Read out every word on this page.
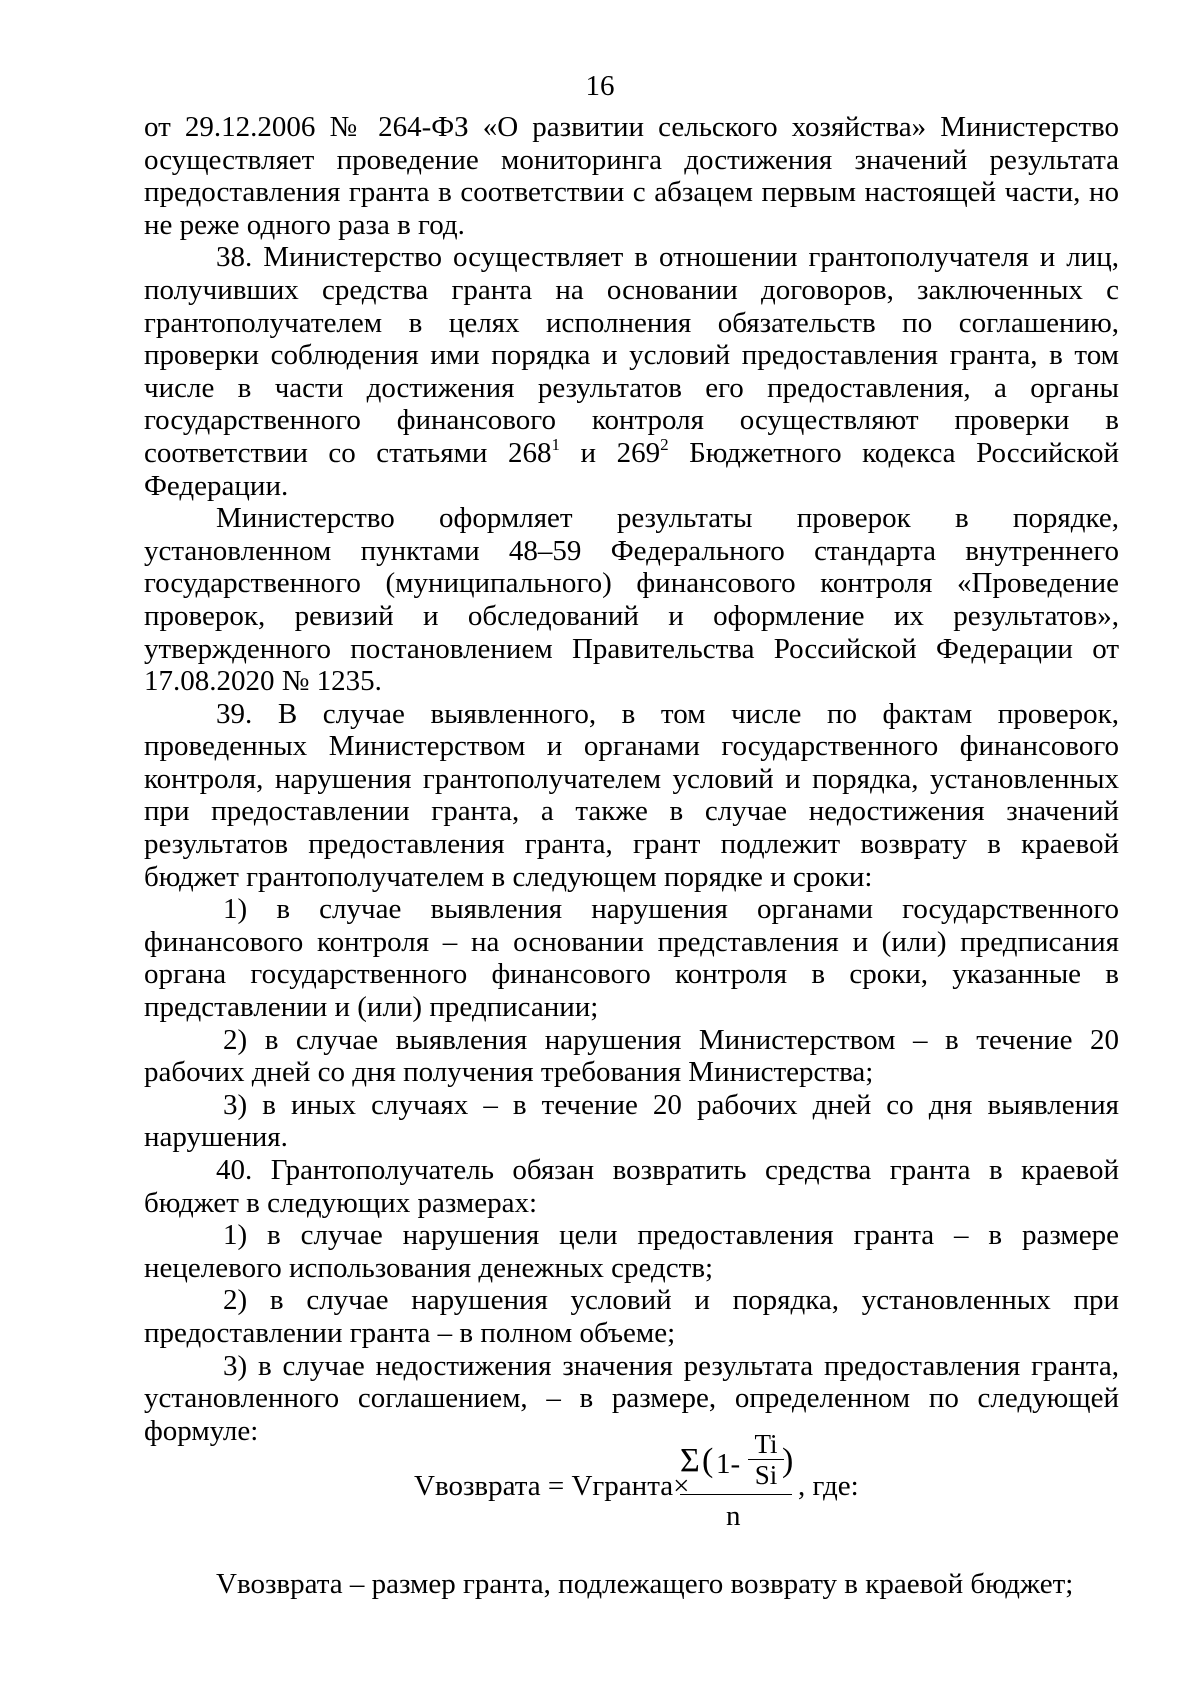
16

от 29.12.2006 № 264-ФЗ «О развитии сельского хозяйства» Министерство осуществляет проведение мониторинга достижения значений результата предоставления гранта в соответствии с абзацем первым настоящей части, но не реже одного раза в год.

38. Министерство осуществляет в отношении грантополучателя и лиц, получивших средства гранта на основании договоров, заключенных с грантополучателем в целях исполнения обязательств по соглашению, проверки соблюдения ими порядка и условий предоставления гранта, в том числе в части достижения результатов его предоставления, а органы государственного финансового контроля осуществляют проверки в соответствии со статьями $268^1$ и $269^2$ Бюджетного кодекса Российской Федерации.

Министерство оформляет результаты проверок в порядке, установленном пунктами 48–59 Федерального стандарта внутреннего государственного (муниципального) финансового контроля «Проведение проверок, ревизий и обследований и оформление их результатов», утвержденного постановлением Правительства Российской Федерации от 17.08.2020 № 1235.

39. В случае выявленного, в том числе по фактам проверок, проведенных Министерством и органами государственного финансового контроля, нарушения грантополучателем условий и порядка, установленных при предоставлении гранта, а также в случае недостижения значений результатов предоставления гранта, грант подлежит возврату в краевой бюджет грантополучателем в следующем порядке и сроки:

1) в случае выявления нарушения органами государственного финансового контроля – на основании представления и (или) предписания органа государственного финансового контроля в сроки, указанные в представлении и (или) предписании;

2) в случае выявления нарушения Министерством – в течение 20 рабочих дней со дня получения требования Министерства;

3) в иных случаях – в течение 20 рабочих дней со дня выявления нарушения.

40. Грантополучатель обязан возвратить средства гранта в краевой бюджет в следующих размерах:

1) в случае нарушения цели предоставления гранта – в размере нецелевого использования денежных средств;

2) в случае нарушения условий и порядка, установленных при предоставлении гранта – в полном объеме;

3) в случае недостижения значения результата предоставления гранта, установленного соглашением, – в размере, определенном по следующей формуле:

Vвозврата = Vгранта×
Σ ( 1-
Ti
Si )
n
, где:
Vвозврата – размер гранта, подлежащего возврату в краевой бюджет;
